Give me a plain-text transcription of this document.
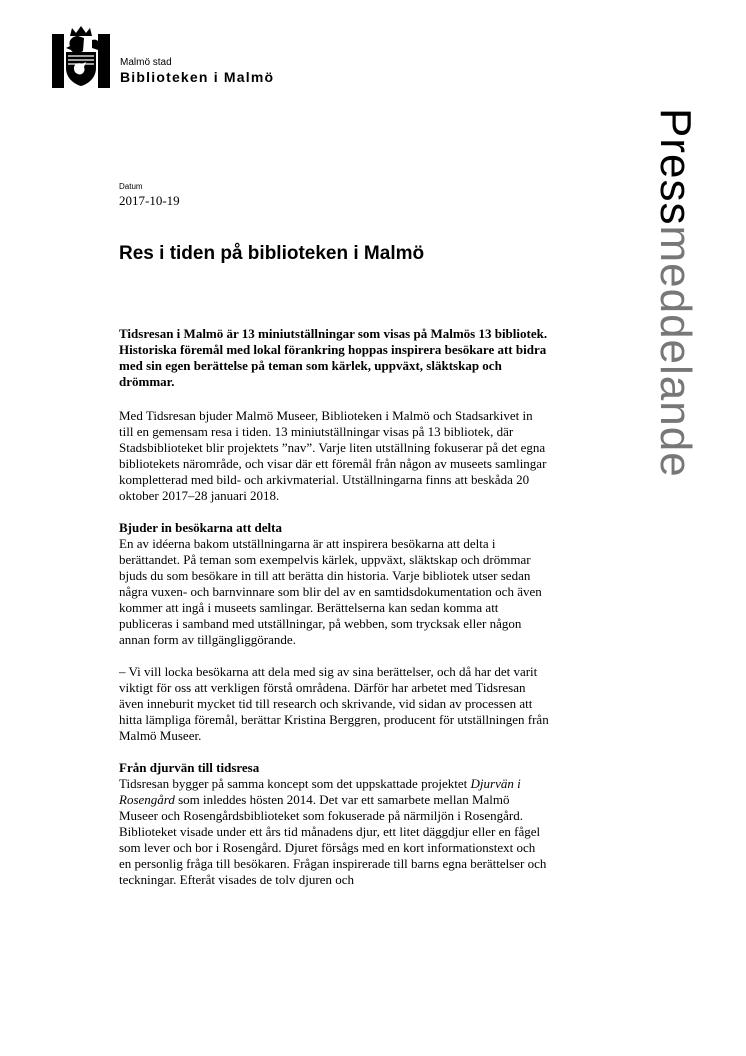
Malmö stad
Biblioteken i Malmö
Pressmeddelande
Datum
2017-10-19
Res i tiden på biblioteken i Malmö

Tidsresan i Malmö är 13 miniutställningar som visas på Malmös 13 bibliotek. Historiska föremål med lokal förankring hoppas inspirera besökare att bidra med sin egen berättelse på teman som kärlek, uppväxt, släktskap och drömmar.

Med Tidsresan bjuder Malmö Museer, Biblioteken i Malmö och Stadsarkivet in till en gemensam resa i tiden. 13 miniutställningar visas på 13 bibliotek, där Stadsbiblioteket blir projektets ”nav”. Varje liten utställning fokuserar på det egna bibliotekets närområde, och visar där ett föremål från någon av museets samlingar kompletterad med bild- och arkivmaterial. Utställningarna finns att beskåda 20 oktober 2017–28 januari 2018.

Bjuder in besökarna att delta

En av idéerna bakom utställningarna är att inspirera besökarna att delta i berättandet. På teman som exempelvis kärlek, uppväxt, släktskap och drömmar bjuds du som besökare in till att berätta din historia. Varje bibliotek utser sedan några vuxen- och barnvinnare som blir del av en samtidsdokumentation och även kommer att ingå i museets samlingar. Berättelserna kan sedan komma att publiceras i samband med utställningar, på webben, som trycksak eller någon annan form av tillgängliggörande.

– Vi vill locka besökarna att dela med sig av sina berättelser, och då har det varit viktigt för oss att verkligen förstå områdena. Därför har arbetet med Tidsresan även inneburit mycket tid till research och skrivande, vid sidan av processen att hitta lämpliga föremål, berättar Kristina Berggren, producent för utställningen från Malmö Museer.

Från djurvän till tidsresa

Tidsresan bygger på samma koncept som det uppskattade projektet Djurvän i Rosengård som inleddes hösten 2014. Det var ett samarbete mellan Malmö Museer och Rosengårdsbiblioteket som fokuserade på närmiljön i Rosengård. Biblioteket visade under ett års tid månadens djur, ett litet däggdjur eller en fågel som lever och bor i Rosengård. Djuret försågs med en kort informationstext och en personlig fråga till besökaren. Frågan inspirerade till barns egna berättelser och teckningar. Efteråt visades de tolv djuren och
